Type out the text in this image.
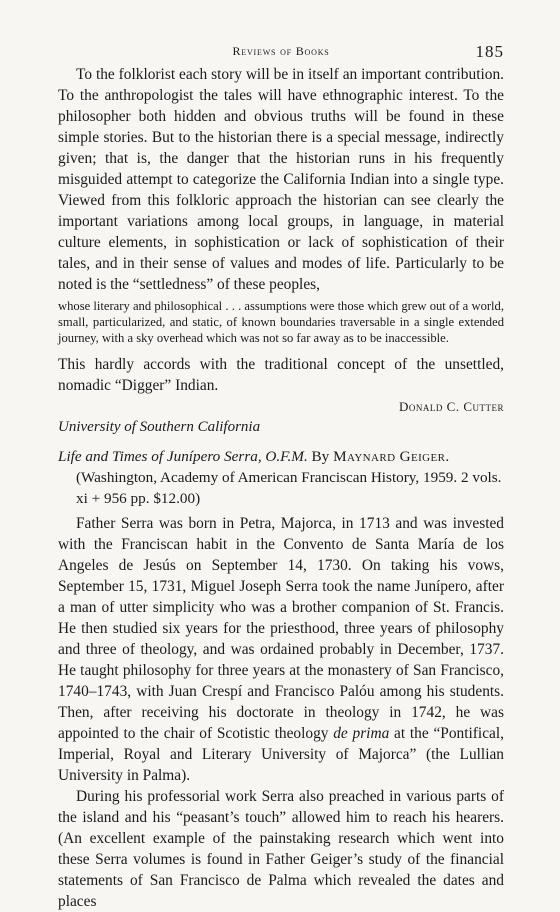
Reviews of Books	185

To the folklorist each story will be in itself an important contribution. To the anthropologist the tales will have ethnographic interest. To the philosopher both hidden and obvious truths will be found in these simple stories. But to the historian there is a special message, indirectly given; that is, the danger that the historian runs in his frequently misguided attempt to categorize the California Indian into a single type. Viewed from this folkloric approach the historian can see clearly the important variations among local groups, in language, in material culture elements, in sophistication or lack of sophistication of their tales, and in their sense of values and modes of life. Particularly to be noted is the “settledness” of these peoples,

whose literary and philosophical . . . assumptions were those which grew out of a world, small, particularized, and static, of known boundaries traversable in a single extended journey, with a sky overhead which was not so far away as to be inaccessible.

This hardly accords with the traditional concept of the unsettled, nomadic “Digger” Indian.

Donald C. Cutter
University of Southern California

Life and Times of Junípero Serra, O.F.M. By Maynard Geiger. (Washington, Academy of American Franciscan History, 1959. 2 vols. xi + 956 pp. $12.00)

Father Serra was born in Petra, Majorca, in 1713 and was invested with the Franciscan habit in the Convento de Santa María de los Angeles de Jesús on September 14, 1730. On taking his vows, September 15, 1731, Miguel Joseph Serra took the name Junípero, after a man of utter simplicity who was a brother companion of St. Francis. He then studied six years for the priesthood, three years of philosophy and three of theology, and was ordained probably in December, 1737. He taught philosophy for three years at the monastery of San Francisco, 1740–1743, with Juan Crespí and Francisco Palóu among his students. Then, after receiving his doctorate in theology in 1742, he was appointed to the chair of Scotistic theology de prima at the “Pontifical, Imperial, Royal and Literary University of Majorca” (the Lullian University in Palma).

During his professorial work Serra also preached in various parts of the island and his “peasant’s touch” allowed him to reach his hearers. (An excellent example of the painstaking research which went into these Serra volumes is found in Father Geiger’s study of the financial statements of San Francisco de Palma which revealed the dates and places
